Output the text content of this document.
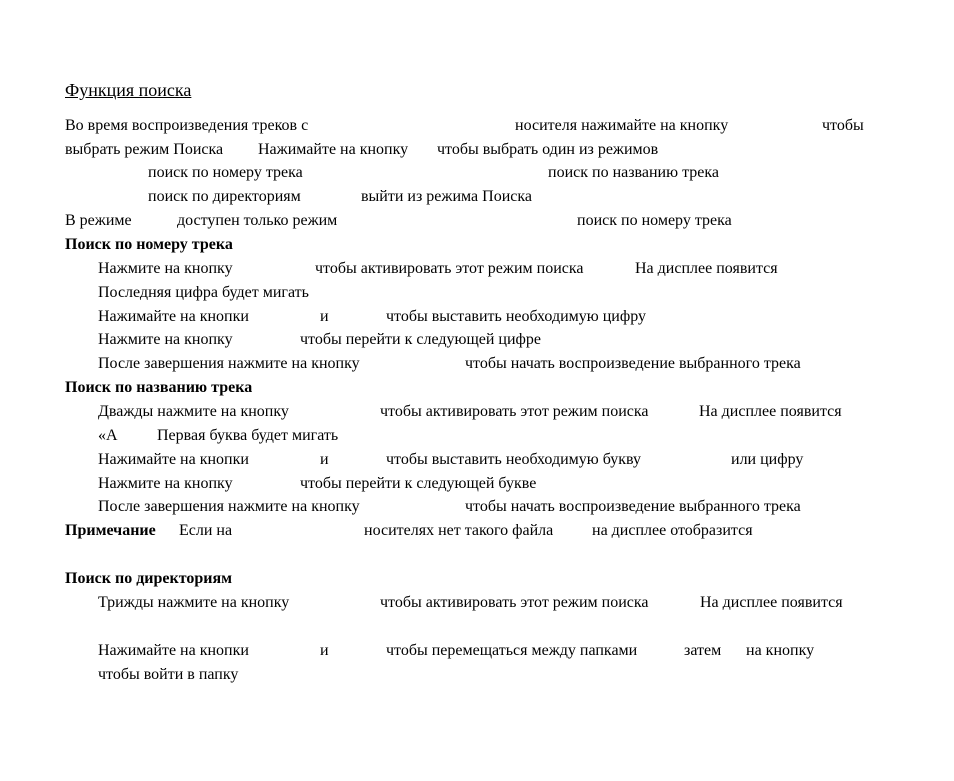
Функция поиска
Во время воспроизведения треков с	носителя нажимайте на кнопку	чтобы
выбрать режим Поиска Нажимайте на кнопку чтобы выбрать один из режимов
поиск по номеру трека	поиск по названию трека
поиск по директориям	выйти из режима Поиска
В режиме	доступен только режим	поиск по номеру трека
Поиск по номеру трека
Нажмите на кнопку	чтобы активировать этот режим поиска	На дисплее появится
Последняя цифра будет мигать
Нажимайте на кнопки	и	чтобы выставить необходимую цифру
Нажмите на кнопку	чтобы перейти к следующей цифре
После завершения нажмите на кнопку	чтобы начать воспроизведение выбранного трека
Поиск по названию трека
Дважды нажмите на кнопку	чтобы активировать этот режим поиска	На дисплее появится
«А Первая буква будет мигать
Нажимайте на кнопки	и	чтобы выставить необходимую букву	или цифру
Нажмите на кнопку	чтобы перейти к следующей букве
После завершения нажмите на кнопку	чтобы начать воспроизведение выбранного трека
Примечание Если на	носителях нет такого файла на дисплее отобразится
Поиск по директориям
Трижды нажмите на кнопку	чтобы активировать этот режим поиска	На дисплее появится
Нажимайте на кнопки	и	чтобы перемещаться между папками	затем на кнопку
чтобы войти в папку
